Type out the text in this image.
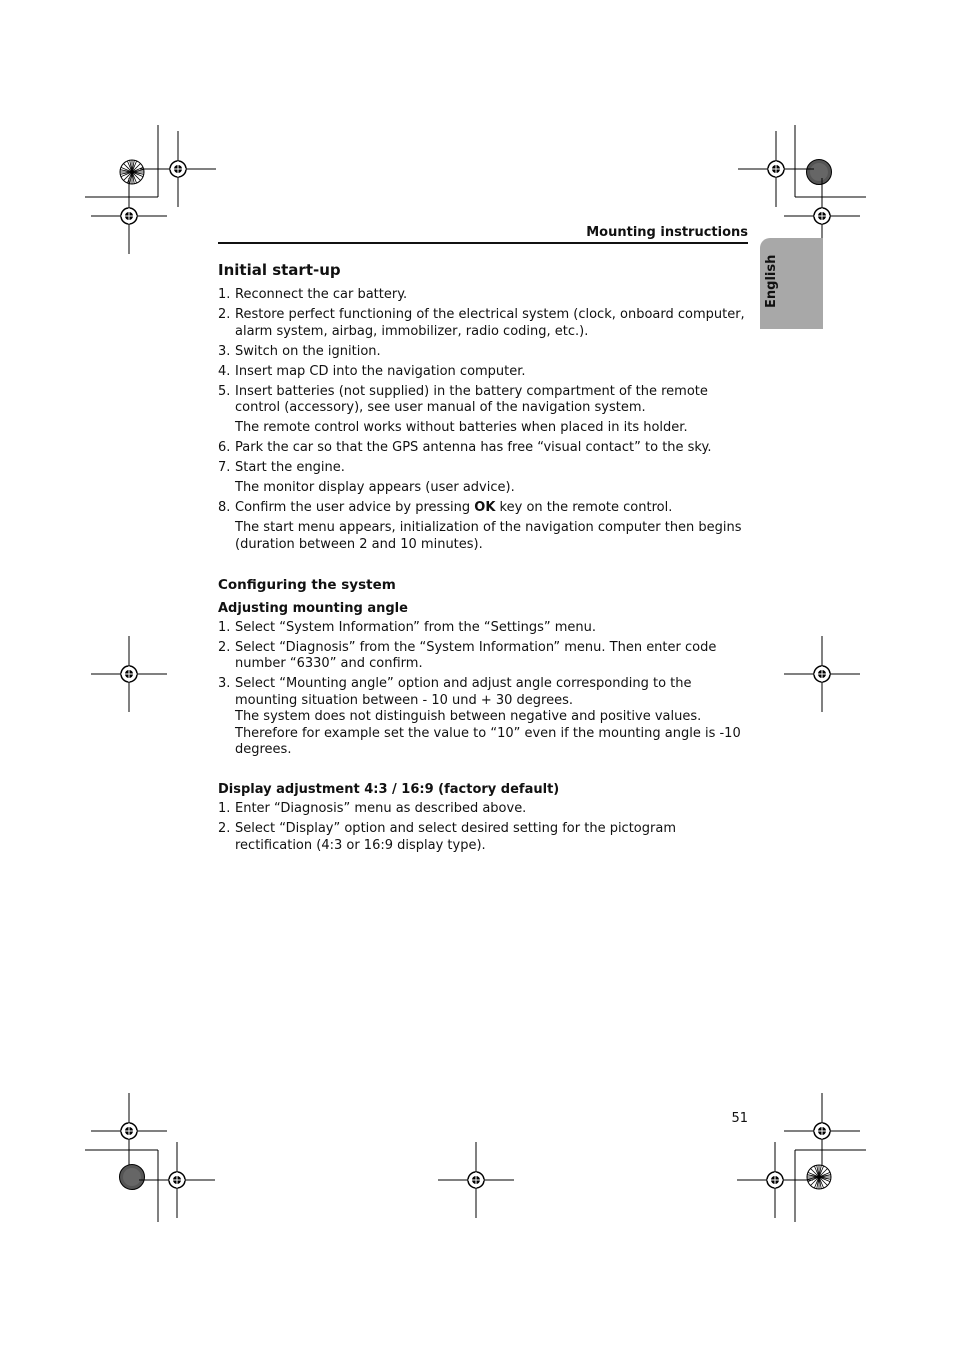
Mounting instructions
English
Initial start-up
1. Reconnect the car battery.
2. Restore perfect functioning of the electrical system (clock, onboard computer, alarm system, airbag, immobilizer, radio coding, etc.).
3. Switch on the ignition.
4. Insert map CD into the navigation computer.
5. Insert batteries (not supplied) in the battery compartment of the remote control (accessory), see user manual of the navigation system.
The remote control works without batteries when placed in its holder.
6. Park the car so that the GPS antenna has free “visual contact” to the sky.
7. Start the engine.
The monitor display appears (user advice).
8. Confirm the user advice by pressing OK key on the remote control.
The start menu appears, initialization of the navigation computer then begins (duration between 2 and 10 minutes).
Configuring the system
Adjusting mounting angle
1. Select “System Information” from the “Settings” menu.
2. Select “Diagnosis” from the “System Information” menu. Then enter code number “6330” and confirm.
3. Select “Mounting angle” option and adjust angle corresponding to the mounting situation between - 10 und + 30 degrees.
The system does not distinguish between negative and positive values. Therefore for example set the value to “10” even if the mounting angle is -10 degrees.
Display adjustment 4:3 / 16:9 (factory default)
1. Enter “Diagnosis” menu as described above.
2. Select “Display” option and select desired setting for the pictogram rectification (4:3 or 16:9 display type).
51
